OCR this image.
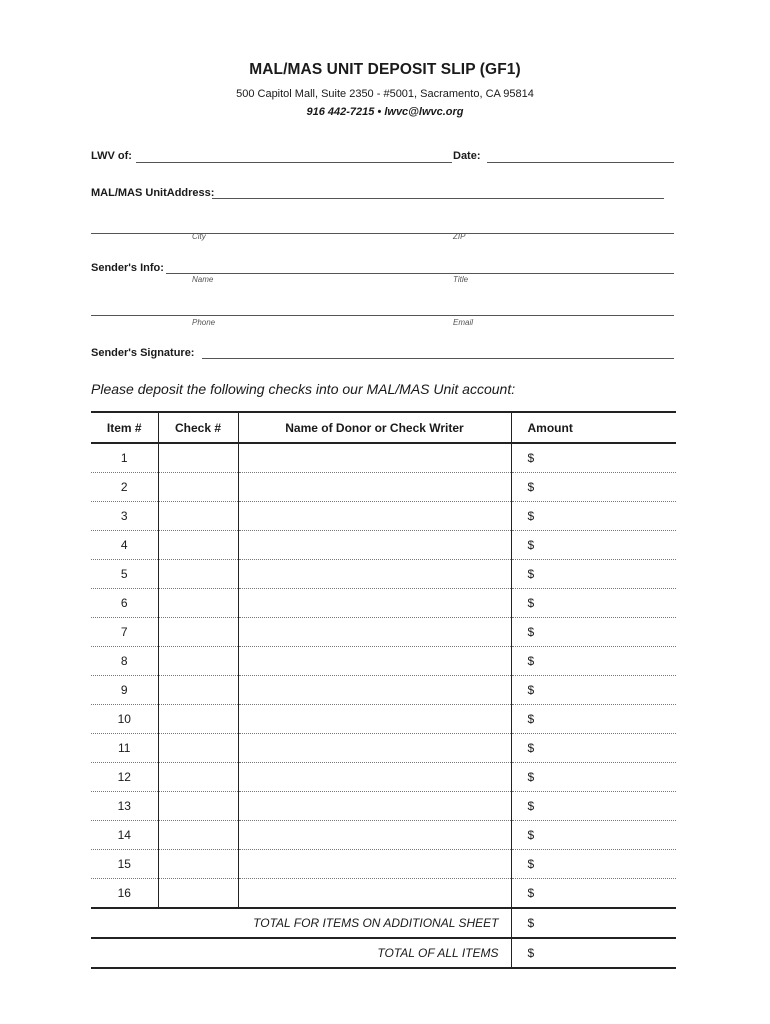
MAL/MAS UNIT DEPOSIT SLIP (GF1)
500 Capitol Mall, Suite 2350 - #5001, Sacramento, CA 95814
916 442-7215 • lwvc@lwvc.org
LWV of:	Date:
MAL/MAS UnitAddress:
City	ZIP
Sender's Info:
Name	Title
Phone	Email
Sender's Signature:
Please deposit the following checks into our MAL/MAS Unit account:
Item #	Check #	Name of Donor or Check Writer	Amount
1			$
2			$
3			$
4			$
5			$
6			$
7			$
8			$
9			$
10			$
11			$
12			$
13			$
14			$
15			$
16			$
TOTAL FOR ITEMS ON ADDITIONAL SHEET			$
TOTAL OF ALL ITEMS			$
